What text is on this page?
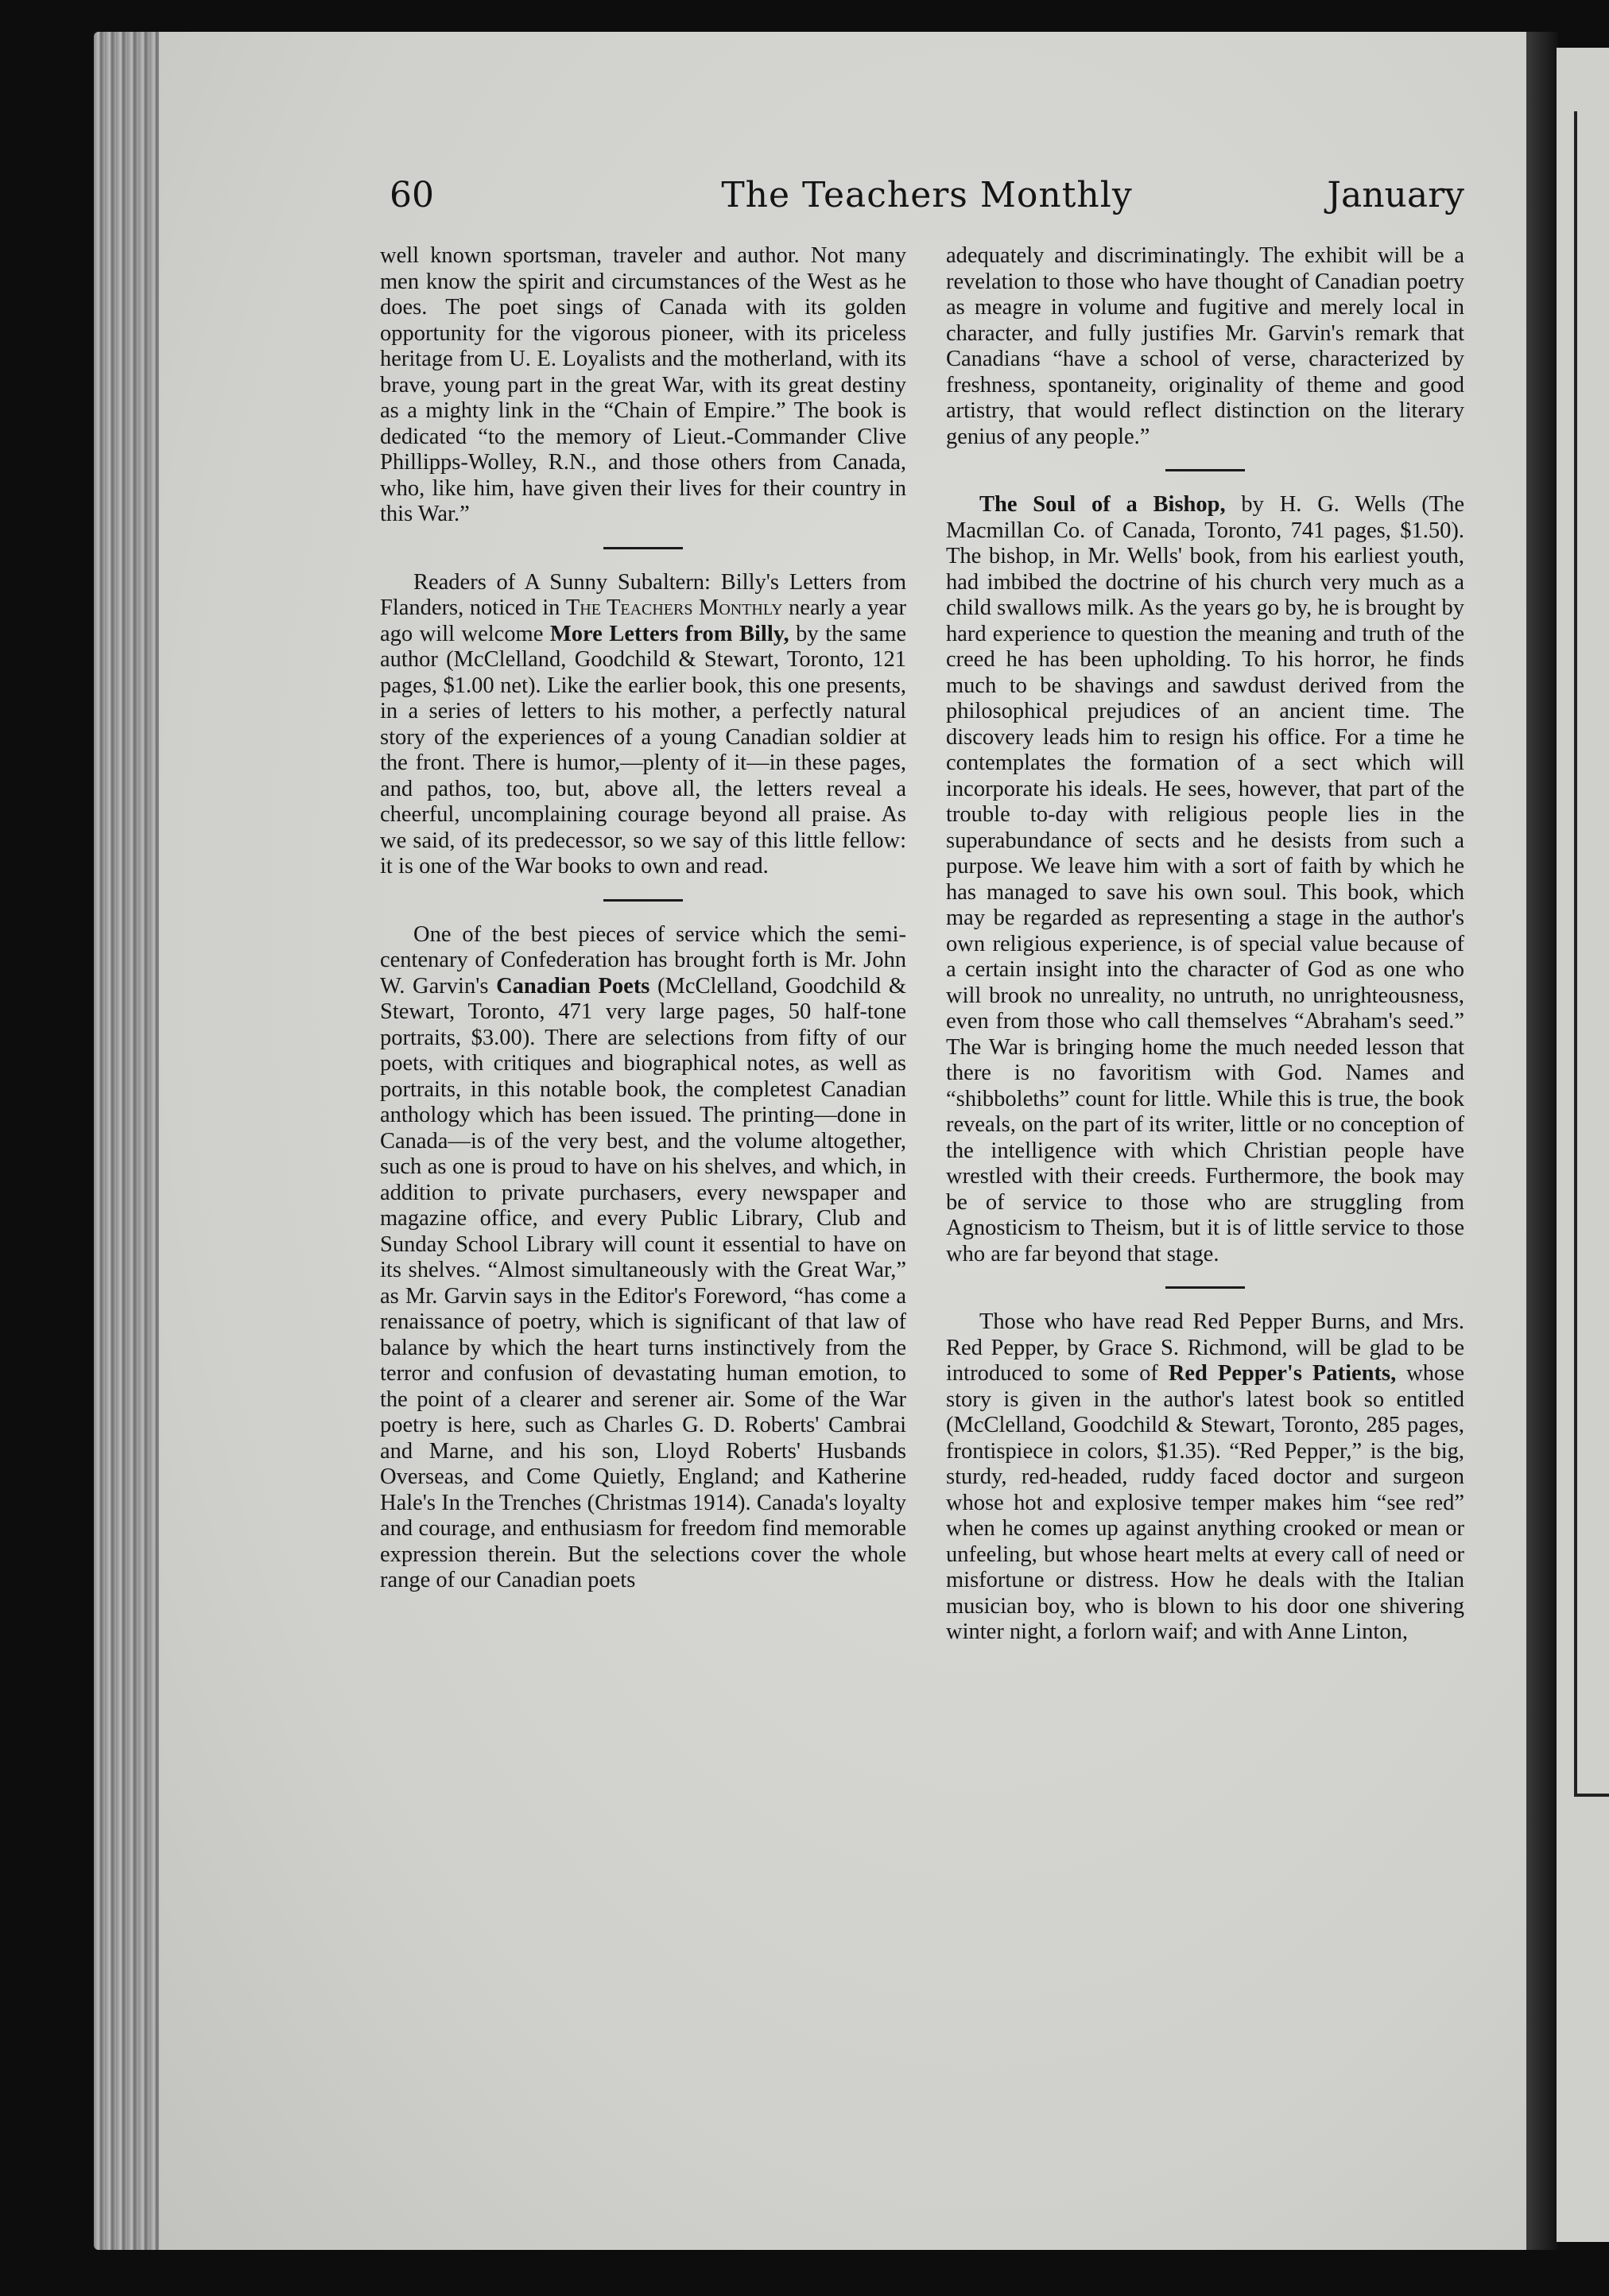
60	The Teachers Monthly	January

well known sportsman, traveler and author. Not many men know the spirit and circumstances of the West as he does. The poet sings of Canada with its golden opportunity for the vigorous pioneer, with its priceless heritage from U. E. Loyalists and the motherland, with its brave, young part in the great War, with its great destiny as a mighty link in the “Chain of Empire.” The book is dedicated “to the memory of Lieut.-Commander Clive Phillipps-Wolley, R.N., and those others from Canada, who, like him, have given their lives for their country in this War.”

Readers of A Sunny Subaltern: Billy's Letters from Flanders, noticed in The Teachers Monthly nearly a year ago will welcome More Letters from Billy, by the same author (McClelland, Goodchild & Stewart, Toronto, 121 pages, $1.00 net). Like the earlier book, this one presents, in a series of letters to his mother, a perfectly natural story of the experiences of a young Canadian soldier at the front. There is humor,—plenty of it—in these pages, and pathos, too, but, above all, the letters reveal a cheerful, uncomplaining courage beyond all praise. As we said, of its predecessor, so we say of this little fellow: it is one of the War books to own and read.

One of the best pieces of service which the semi-centenary of Confederation has brought forth is Mr. John W. Garvin's Canadian Poets (McClelland, Goodchild & Stewart, Toronto, 471 very large pages, 50 half-tone portraits, $3.00). There are selections from fifty of our poets, with critiques and biographical notes, as well as portraits, in this notable book, the completest Canadian anthology which has been issued. The printing—done in Canada—is of the very best, and the volume altogether, such as one is proud to have on his shelves, and which, in addition to private purchasers, every newspaper and magazine office, and every Public Library, Club and Sunday School Library will count it essential to have on its shelves. “Almost simultaneously with the Great War,” as Mr. Garvin says in the Editor's Foreword, “has come a renaissance of poetry, which is significant of that law of balance by which the heart turns instinctively from the terror and confusion of devastating human emotion, to the point of a clearer and serener air. Some of the War poetry is here, such as Charles G. D. Roberts' Cambrai and Marne, and his son, Lloyd Roberts' Husbands Overseas, and Come Quietly, England; and Katherine Hale's In the Trenches (Christmas 1914). Canada's loyalty and courage, and enthusiasm for freedom find memorable expression therein. But the selections cover the whole range of our Canadian poets

adequately and discriminatingly. The exhibit will be a revelation to those who have thought of Canadian poetry as meagre in volume and fugitive and merely local in character, and fully justifies Mr. Garvin's remark that Canadians “have a school of verse, characterized by freshness, spontaneity, originality of theme and good artistry, that would reflect distinction on the literary genius of any people.”

The Soul of a Bishop, by H. G. Wells (The Macmillan Co. of Canada, Toronto, 741 pages, $1.50). The bishop, in Mr. Wells' book, from his earliest youth, had imbibed the doctrine of his church very much as a child swallows milk. As the years go by, he is brought by hard experience to question the meaning and truth of the creed he has been upholding. To his horror, he finds much to be shavings and sawdust derived from the philosophical prejudices of an ancient time. The discovery leads him to resign his office. For a time he contemplates the formation of a sect which will incorporate his ideals. He sees, however, that part of the trouble to-day with religious people lies in the superabundance of sects and he desists from such a purpose. We leave him with a sort of faith by which he has managed to save his own soul. This book, which may be regarded as representing a stage in the author's own religious experience, is of special value because of a certain insight into the character of God as one who will brook no unreality, no untruth, no unrighteousness, even from those who call themselves “Abraham's seed.” The War is bringing home the much needed lesson that there is no favoritism with God. Names and “shibboleths” count for little. While this is true, the book reveals, on the part of its writer, little or no conception of the intelligence with which Christian people have wrestled with their creeds. Furthermore, the book may be of service to those who are struggling from Agnosticism to Theism, but it is of little service to those who are far beyond that stage.

Those who have read Red Pepper Burns, and Mrs. Red Pepper, by Grace S. Richmond, will be glad to be introduced to some of Red Pepper's Patients, whose story is given in the author's latest book so entitled (McClelland, Goodchild & Stewart, Toronto, 285 pages, frontispiece in colors, $1.35). “Red Pepper,” is the big, sturdy, red-headed, ruddy faced doctor and surgeon whose hot and explosive temper makes him “see red” when he comes up against anything crooked or mean or unfeeling, but whose heart melts at every call of need or misfortune or distress. How he deals with the Italian musician boy, who is blown to his door one shivering winter night, a forlorn waif; and with Anne Linton,
